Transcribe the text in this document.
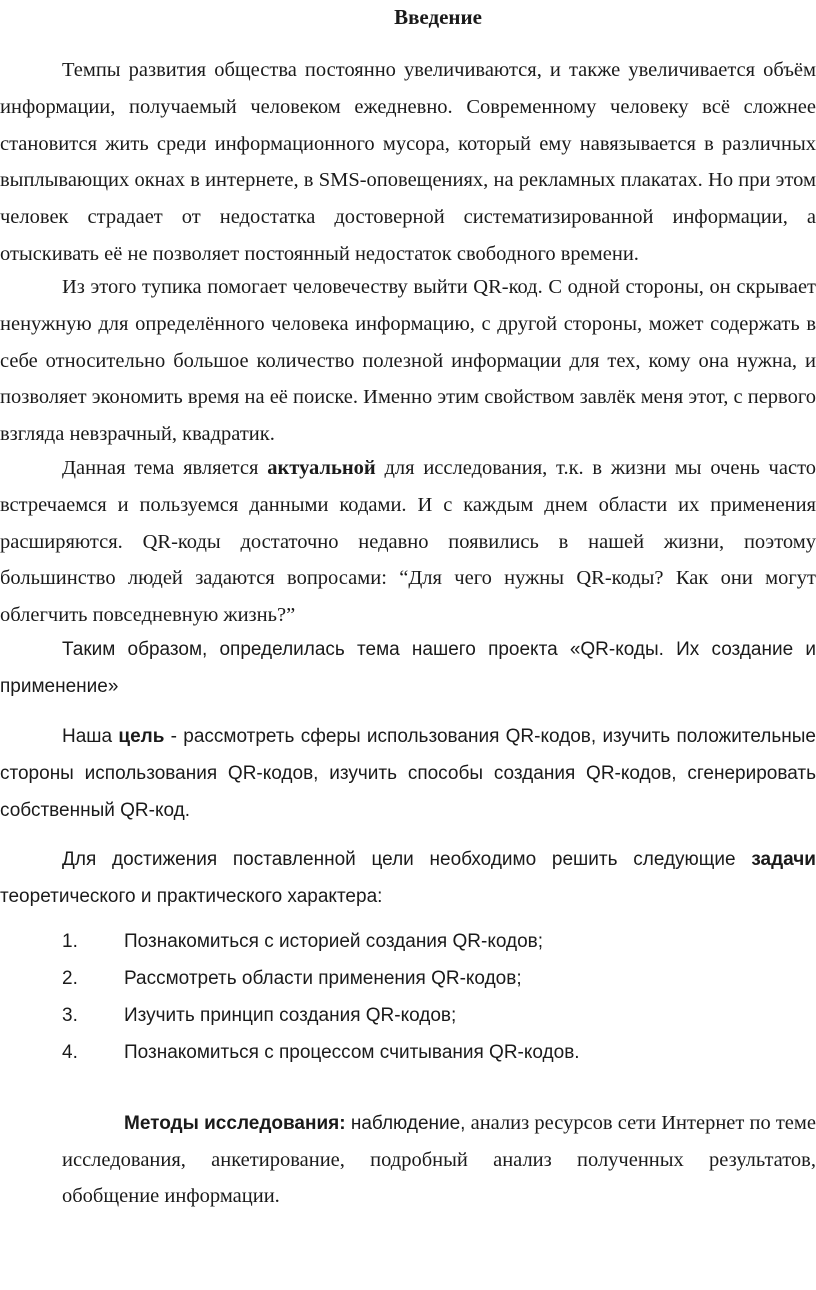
Введение

Темпы развития общества постоянно увеличиваются, и также увеличивается объём информации, получаемый человеком ежедневно. Современному человеку всё сложнее становится жить среди информационного мусора, который ему навязывается в различных выплывающих окнах в интернете, в SMS-оповещениях, на рекламных плакатах. Но при этом человек страдает от недостатка достоверной систематизированной информации, а отыскивать её не позволяет постоянный недостаток свободного времени.

Из этого тупика помогает человечеству выйти QR-код. С одной стороны, он скрывает ненужную для определённого человека информацию, с другой стороны, может содержать в себе относительно большое количество полезной информации для тех, кому она нужна, и позволяет экономить время на её поиске. Именно этим свойством завлёк меня этот, с первого взгляда невзрачный, квадратик.

Данная тема является актуальной для исследования, т.к. в жизни мы очень часто встречаемся и пользуемся данными кодами. И с каждым днем области их применения расширяются. QR-коды достаточно недавно появились в нашей жизни, поэтому большинство людей задаются вопросами: “Для чего нужны QR-коды? Как они могут облегчить повседневную жизнь?”

Таким образом, определилась тема нашего проекта «QR-коды. Их создание и применение»

Наша цель - рассмотреть сферы использования QR-кодов, изучить положительные стороны использования QR-кодов, изучить способы создания QR-кодов, сгенерировать собственный QR-код.

Для достижения поставленной цели необходимо решить следующие задачи теоретического и практического характера:

1. Познакомиться с историей создания QR-кодов;
2. Рассмотреть области применения QR-кодов;
3. Изучить принцип создания QR-кодов;
4. Познакомиться с процессом считывания QR-кодов.

Методы исследования: наблюдение, анализ ресурсов сети Интернет по теме исследования, анкетирование, подробный анализ полученных результатов, обобщение информации.
